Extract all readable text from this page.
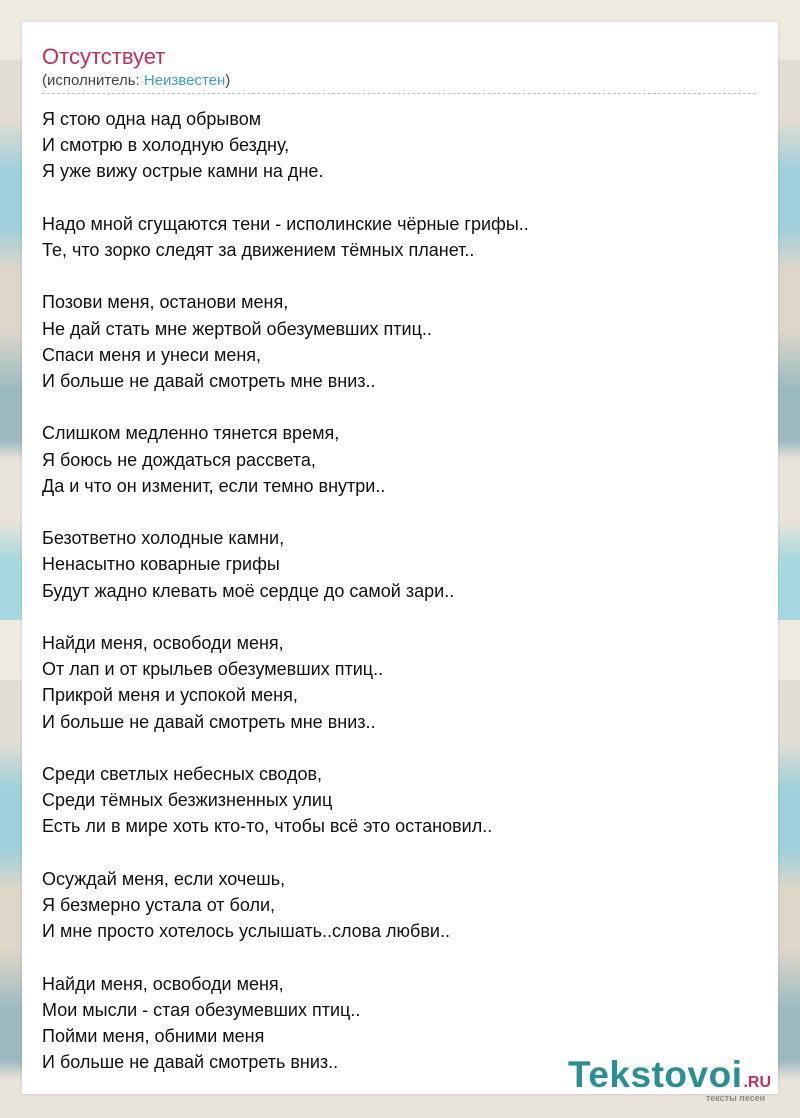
Отсутствует
(исполнитель: Неизвестен)
Я стою одна над обрывом
И смотрю в холодную бездну,
Я уже вижу острые камни на дне.
Надо мной сгущаются тени - исполинские чёрные грифы..
Те, что зорко следят за движением тёмных планет..
Позови меня, останови меня,
Не дай стать мне жертвой обезумевших птиц..
Спаси меня и унеси меня,
И больше не давай смотреть мне вниз..
Слишком медленно тянется время,
Я боюсь не дождаться рассвета,
Да и что он изменит, если темно внутри..
Безответно холодные камни,
Ненасытно коварные грифы
Будут жадно клевать моё сердце до самой зари..
Найди меня, освободи меня,
От лап и от крыльев обезумевших птиц..
Прикрой меня и успокой меня,
И больше не давай смотреть мне вниз..
Среди светлых небесных сводов,
Среди тёмных безжизненных улиц
Есть ли в мире хоть кто-то, чтобы всё это остановил..
Осуждай меня, если хочешь,
Я безмерно устала от боли,
И мне просто хотелось услышать..слова любви..
Найди меня, освободи меня,
Мои мысли - стая обезумевших птиц..
Пойми меня, обними меня
И больше не давай смотреть вниз..	Tekstovoi.RU
тексты песен
